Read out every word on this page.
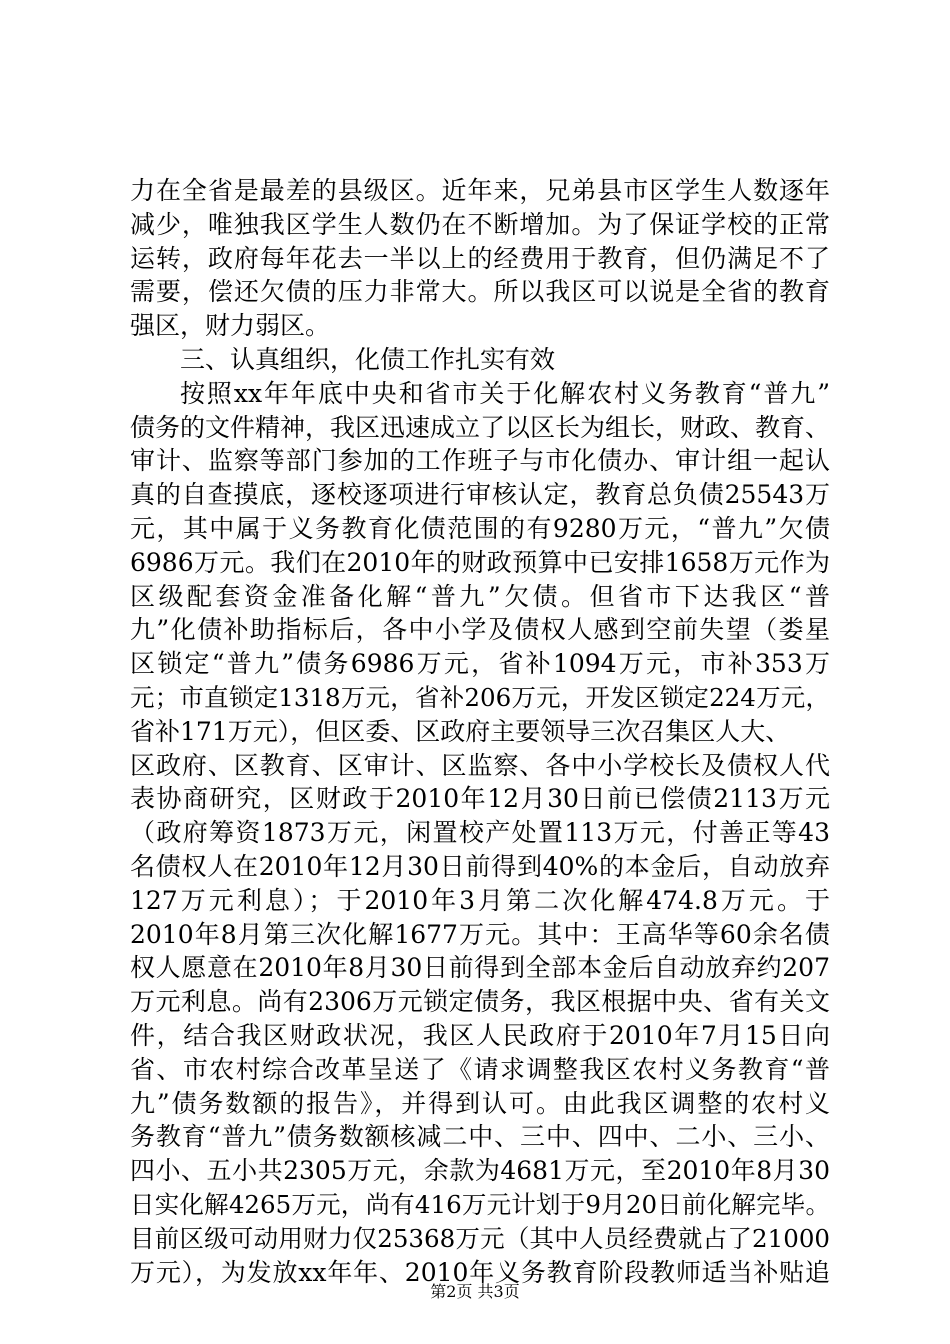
力在全省是最差的县级区。近年来，兄弟县市区学生人数逐年
减少，唯独我区学生人数仍在不断增加。为了保证学校的正常
运转，政府每年花去一半以上的经费用于教育，但仍满足不了
需要，偿还欠债的压力非常大。所以我区可以说是全省的教育
强区，财力弱区。
三、认真组织，化债工作扎实有效
按照xx年年底中央和省市关于化解农村义务教育“普九”
债务的文件精神，我区迅速成立了以区长为组长，财政、教育、
审计、监察等部门参加的工作班子与市化债办、审计组一起认
真的自查摸底，逐校逐项进行审核认定，教育总负债25543万
元，其中属于义务教育化债范围的有9280万元，“普九”欠债
6986万元。我们在2010年的财政预算中已安排1658万元作为
区级配套资金准备化解“普九”欠债。但省市下达我区“普
九”化债补助指标后，各中小学及债权人感到空前失望（娄星
区锁定“普九”债务6986万元，省补1094万元，市补353万
元；市直锁定1318万元，省补206万元，开发区锁定224万元，
省补171万元），但区委、区政府主要领导三次召集区人大、
区政府、区教育、区审计、区监察、各中小学校长及债权人代
表协商研究，区财政于2010年12月30日前已偿债2113万元
（政府筹资1873万元，闲置校产处置113万元，付善正等43
名债权人在2010年12月30日前得到40%的本金后，自动放弃
127万元利息）；于2010年3月第二次化解474.8万元。于
2010年8月第三次化解1677万元。其中：王高华等60余名债
权人愿意在2010年8月30日前得到全部本金后自动放弃约207
万元利息。尚有2306万元锁定债务，我区根据中央、省有关文
件，结合我区财政状况，我区人民政府于2010年7月15日向
省、市农村综合改革呈送了《请求调整我区农村义务教育“普
九”债务数额的报告》，并得到认可。由此我区调整的农村义
务教育“普九”债务数额核减二中、三中、四中、二小、三小、
四小、五小共2305万元，余款为4681万元，至2010年8月30
日实化解4265万元，尚有416万元计划于9月20日前化解完毕。
目前区级可动用财力仅25368万元（其中人员经费就占了21000
万元），为发放xx年年、2010年义务教育阶段教师适当补贴追
第2页 共3页
